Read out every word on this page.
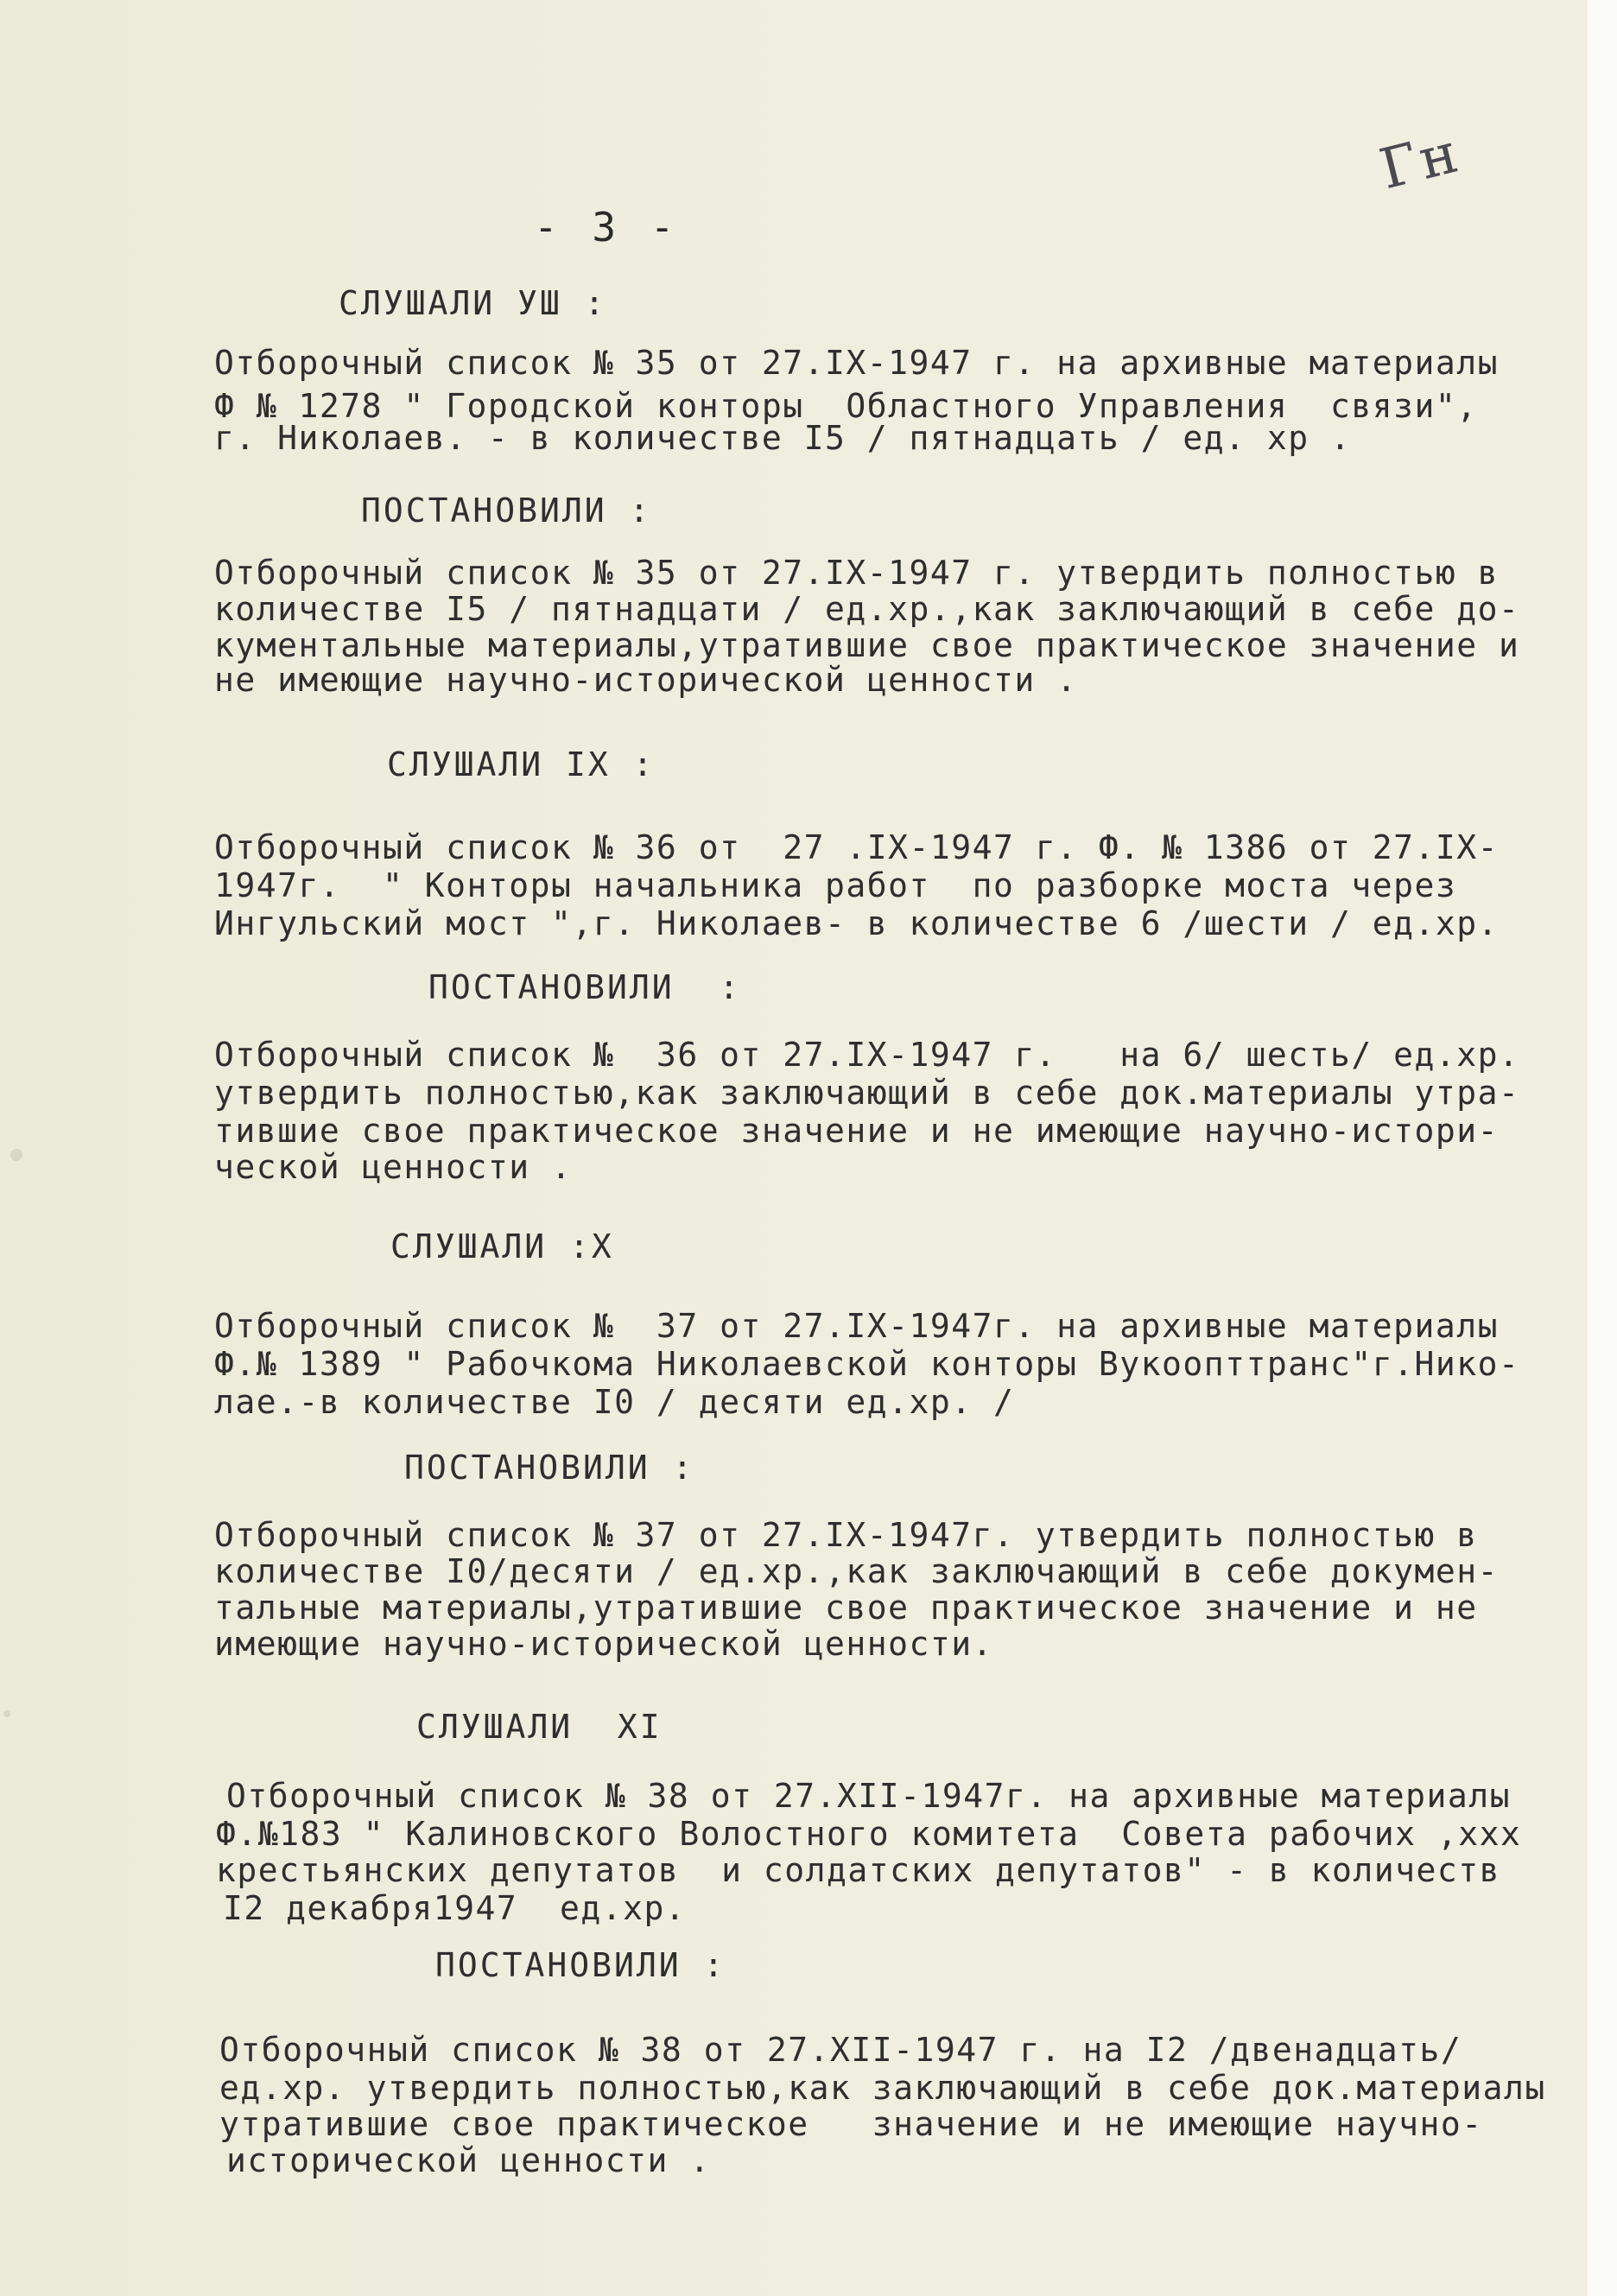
Гн
- 3 -
СЛУШАЛИ УШ :
Отборочный список № 35 от 27.IX-1947 г. на архивные материалы
Ф № 1278 " Городской конторы  Областного Управления  связи",
г. Николаев. - в количестве I5 / пятнадцать / ед. хр .
ПОСТАНОВИЛИ :
Отборочный список № 35 от 27.IX-1947 г. утвердить полностью в
количестве I5 / пятнадцати / ед.хр.,как заключающий в себе до-
кументальные материалы,утратившие свое практическое значение и
не имеющие научно-исторической ценности .
СЛУШАЛИ IX :
Отборочный список № 36 от  27 .IX-1947 г. Ф. № 1386 от 27.IX-
1947г.  " Конторы начальника работ  по разборке моста через
Ингульский мост ",г. Николаев- в количестве 6 /шести / ед.хр.
ПОСТАНОВИЛИ  :
Отборочный список №  36 от 27.IX-1947 г.   на 6/ шесть/ ед.хр.
утвердить полностью,как заключающий в себе док.материалы утра-
тившие свое практическое значение и не имеющие научно-истори-
ческой ценности .
СЛУШАЛИ :Х
Отборочный список №  37 от 27.IX-1947г. на архивные материалы
Ф.№ 1389 " Рабочкома Николаевской конторы Вукоопттранс"г.Нико-
лае.-в количестве I0 / десяти ед.хр. /
ПОСТАНОВИЛИ :
Отборочный список № 37 от 27.IX-1947г. утвердить полностью в
количестве I0/десяти / ед.хр.,как заключающий в себе докумен-
тальные материалы,утратившие свое практическое значение и не
имеющие научно-исторической ценности.
СЛУШАЛИ  XI
Отборочный список № 38 от 27.XII-1947г. на архивные материалы
Ф.№183 " Калиновского Волостного комитета  Совета рабочих ,ххх
крестьянских депутатов  и солдатских депутатов" - в количеств
I2 декабря1947  ед.хр.
ПОСТАНОВИЛИ :
Отборочный список № 38 от 27.XII-1947 г. на I2 /двенадцать/
ед.хр. утвердить полностью,как заключающий в себе док.материалы
утратившие свое практическое   значение и не имеющие научно-
исторической ценности .
